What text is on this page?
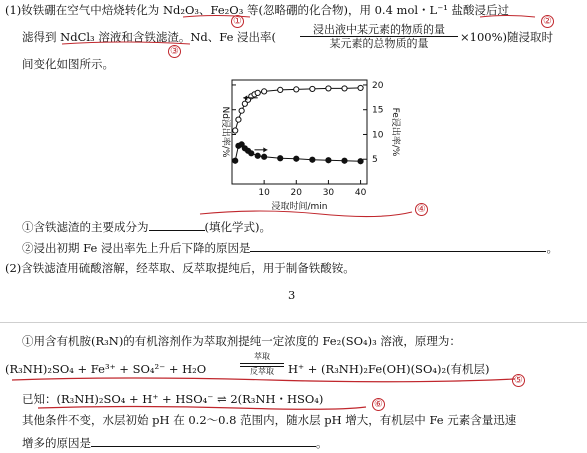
(1)钕铁硼在空气中焙烧转化为 Nd₂O₃、Fe₂O₃ 等(忽略硼的化合物)，用 0.4 mol・L⁻¹ 盐酸浸后过
①	②
滤得到 NdCl₃ 溶液和含铁滤渣。Nd、Fe 浸出率(
浸出液中某元素的物质的量
某元素的总物质的量	×100%)随浸取时
③
间变化如图所示。
10 20 30 40
5
10
15
20
浸取时间/min
Nd浸出率/%	Fe浸出率/%
④
①含铁滤渣的主要成分为	(填化学式)。
②浸出初期 Fe 浸出率先上升后下降的原因是	。
(2)含铁滤渣用硫酸溶解，经萃取、反萃取提纯后，用于制备铁酸铵。
3
①用含有机胺(R₃N)的有机溶剂作为萃取剂提纯一定浓度的 Fe₂(SO₄)₃ 溶液，原理为：
(R₃NH)₂SO₄ + Fe³⁺ + SO₄²⁻ + H₂O
萃取
反萃取	H⁺ + (R₃NH)₂Fe(OH)(SO₄)₂(有机层)
⑤
已知：(R₃NH)₂SO₄ + H⁺ + HSO₄⁻ ⇌ 2(R₃NH・HSO₄)	⑥
其他条件不变，水层初始 pH 在 0.2～0.8 范围内，随水层 pH 增大，有机层中 Fe 元素含量迅速
增多的原因是	。
